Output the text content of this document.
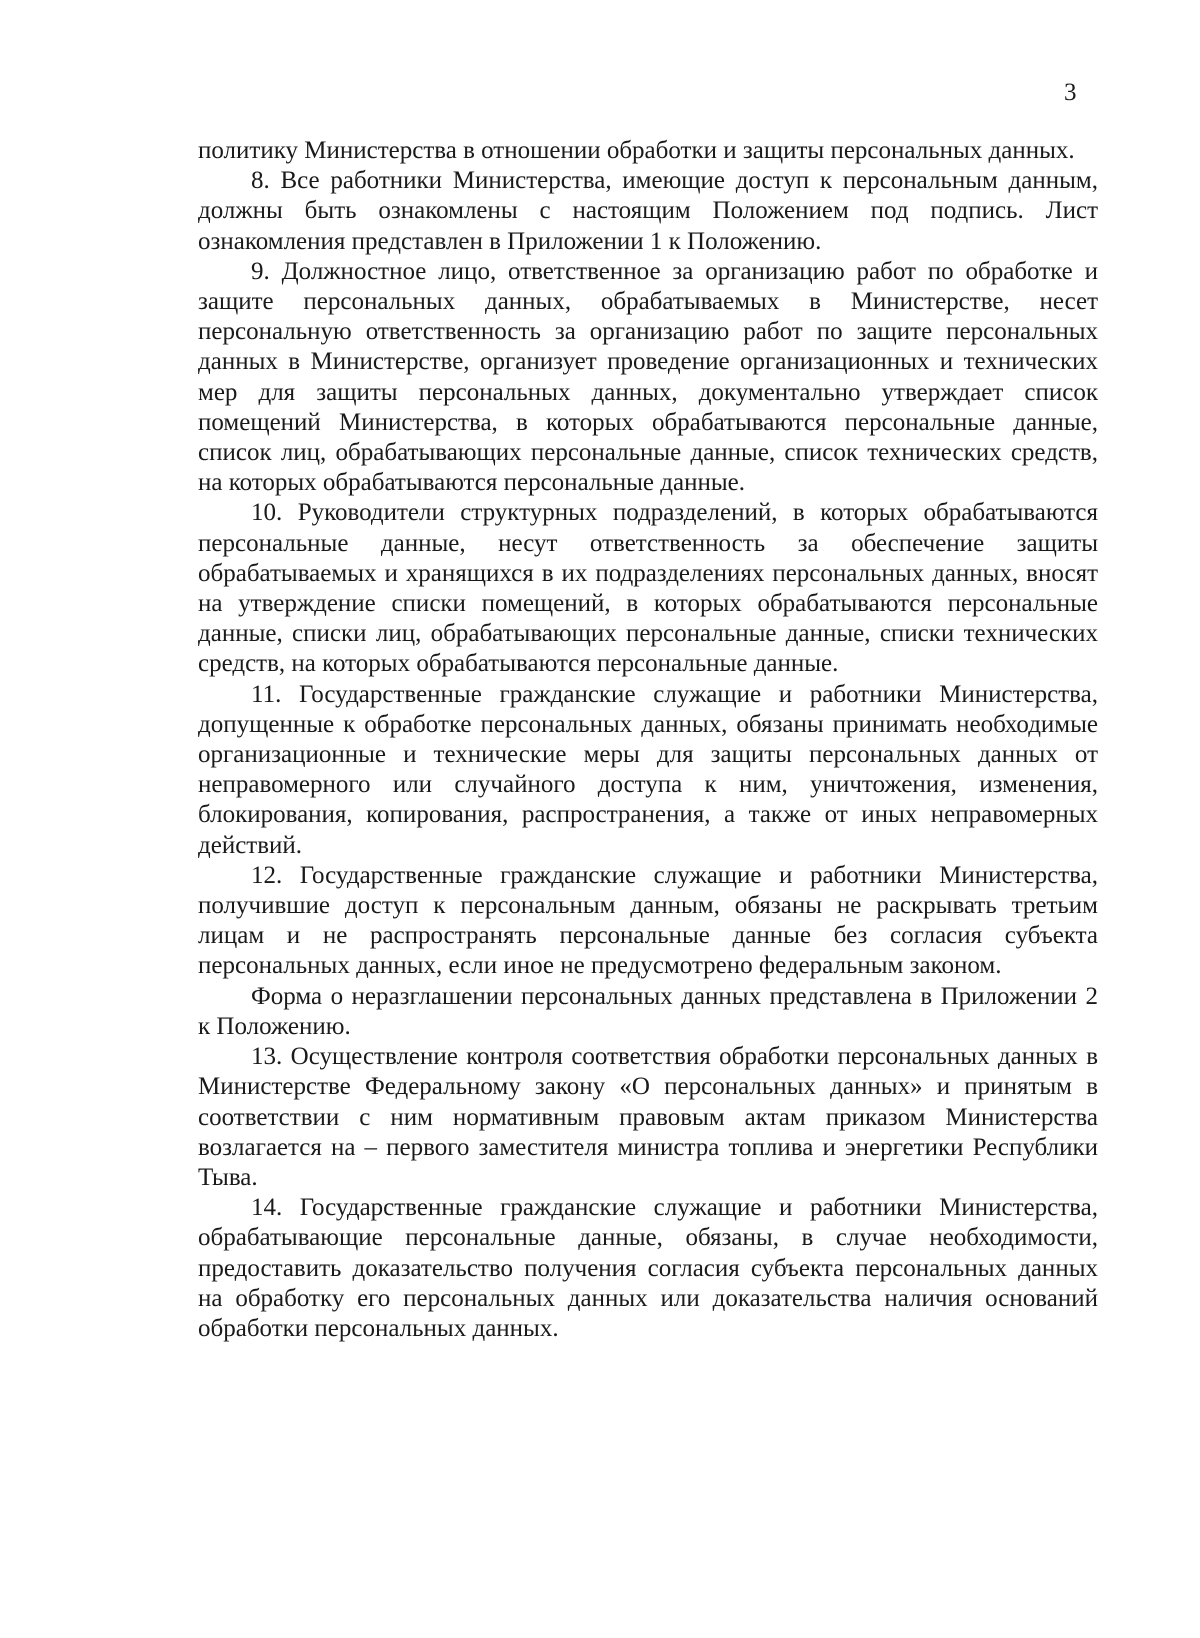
3

политику Министерства в отношении обработки и защиты персональных данных.

8. Все работники Министерства, имеющие доступ к персональным данным, должны быть ознакомлены с настоящим Положением под подпись. Лист ознакомления представлен в Приложении 1 к Положению.

9. Должностное лицо, ответственное за организацию работ по обработке и защите персональных данных, обрабатываемых в Министерстве, несет персональную ответственность за организацию работ по защите персональных данных в Министерстве, организует проведение организационных и технических мер для защиты персональных данных, документально утверждает список помещений Министерства, в которых обрабатываются персональные данные, список лиц, обрабатывающих персональные данные, список технических средств, на которых обрабатываются персональные данные.

10. Руководители структурных подразделений, в которых обрабатываются персональные данные, несут ответственность за обеспечение защиты обрабатываемых и хранящихся в их подразделениях персональных данных, вносят на утверждение списки помещений, в которых обрабатываются персональные данные, списки лиц, обрабатывающих персональные данные, списки технических средств, на которых обрабатываются персональные данные.

11. Государственные гражданские служащие и работники Министерства, допущенные к обработке персональных данных, обязаны принимать необходимые организационные и технические меры для защиты персональных данных от неправомерного или случайного доступа к ним, уничтожения, изменения, блокирования, копирования, распространения, а также от иных неправомерных действий.

12. Государственные гражданские служащие и работники Министерства, получившие доступ к персональным данным, обязаны не раскрывать третьим лицам и не распространять персональные данные без согласия субъекта персональных данных, если иное не предусмотрено федеральным законом.

Форма о неразглашении персональных данных представлена в Приложении 2 к Положению.

13. Осуществление контроля соответствия обработки персональных данных в Министерстве Федеральному закону «О персональных данных» и принятым в соответствии с ним нормативным правовым актам приказом Министерства возлагается на – первого заместителя министра топлива и энергетики Республики Тыва.

14. Государственные гражданские служащие и работники Министерства, обрабатывающие персональные данные, обязаны, в случае необходимости, предоставить доказательство получения согласия субъекта персональных данных на обработку его персональных данных или доказательства наличия оснований обработки персональных данных.
